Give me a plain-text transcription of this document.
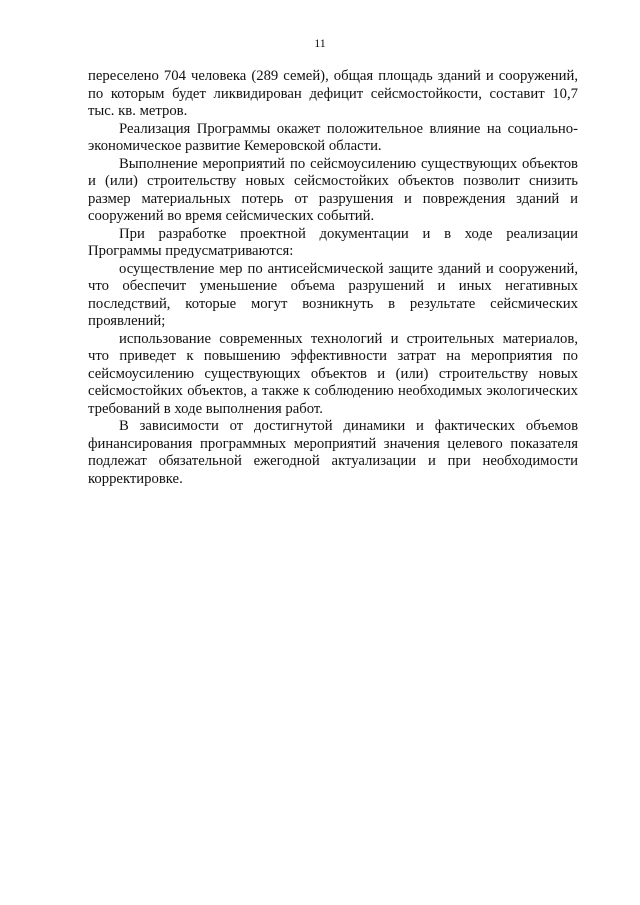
11

переселено 704 человека (289 семей), общая площадь зданий и сооружений, по которым будет ликвидирован дефицит сейсмостойкости, составит 10,7 тыс. кв. метров.

Реализация Программы окажет положительное влияние на социально-экономическое развитие Кемеровской области.

Выполнение мероприятий по сейсмоусилению существующих объектов и (или) строительству новых сейсмостойких объектов позволит снизить размер материальных потерь от разрушения и повреждения зданий и сооружений во время сейсмических событий.

При разработке проектной документации и в ходе реализации Программы предусматриваются:

осуществление мер по антисейсмической защите зданий и сооружений, что обеспечит уменьшение объема разрушений и иных негативных последствий, которые могут возникнуть в результате сейсмических проявлений;

использование современных технологий и строительных материалов, что приведет к повышению эффективности затрат на мероприятия по сейсмоусилению существующих объектов и (или) строительству новых сейсмостойких объектов, а также к соблюдению необходимых экологических требований в ходе выполнения работ.

В зависимости от достигнутой динамики и фактических объемов финансирования программных мероприятий значения целевого показателя подлежат обязательной ежегодной актуализации и при необходимости корректировке.
